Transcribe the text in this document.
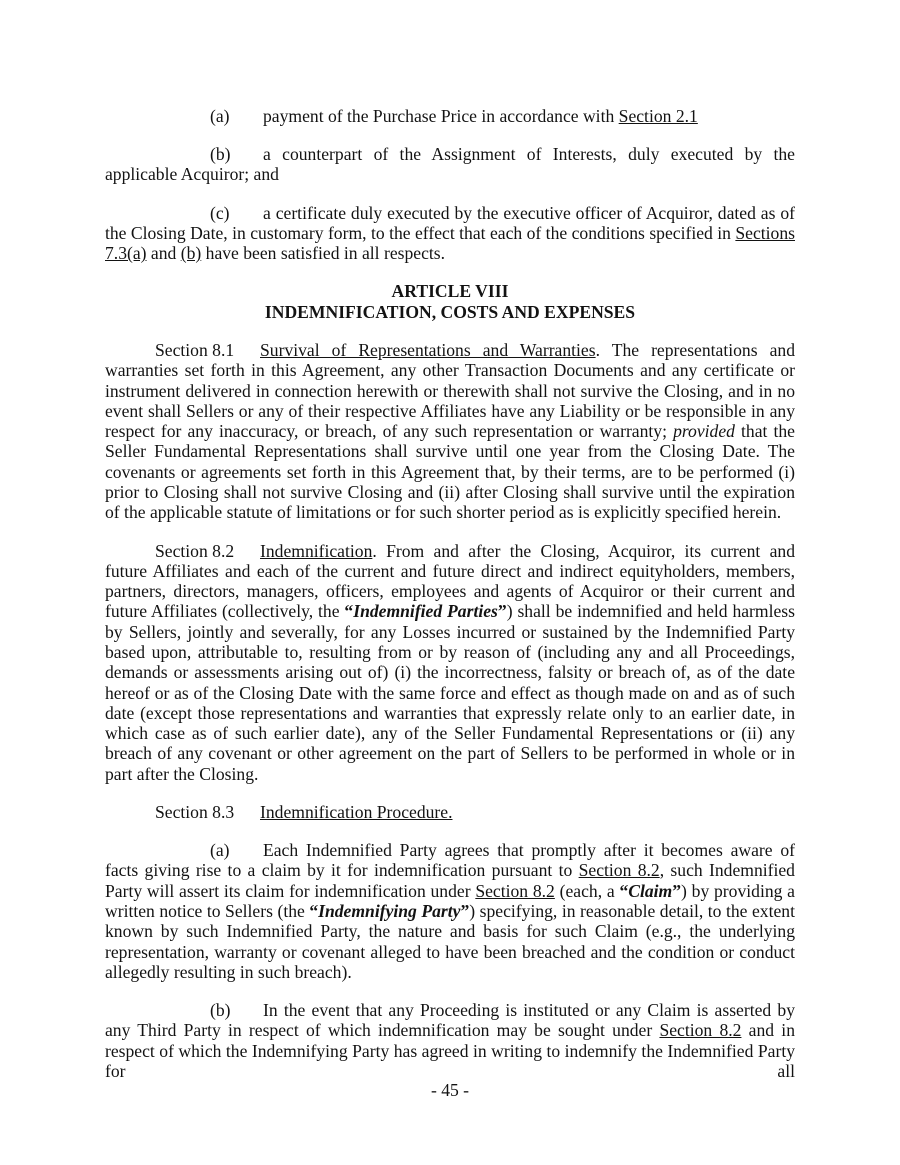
(a) payment of the Purchase Price in accordance with Section 2.1

(b) a counterpart of the Assignment of Interests, duly executed by the applicable Acquiror; and

(c) a certificate duly executed by the executive officer of Acquiror, dated as of the Closing Date, in customary form, to the effect that each of the conditions specified in Sections 7.3(a) and (b) have been satisfied in all respects.

ARTICLE VIII
INDEMNIFICATION, COSTS AND EXPENSES

Section 8.1 Survival of Representations and Warranties. The representations and warranties set forth in this Agreement, any other Transaction Documents and any certificate or instrument delivered in connection herewith or therewith shall not survive the Closing, and in no event shall Sellers or any of their respective Affiliates have any Liability or be responsible in any respect for any inaccuracy, or breach, of any such representation or warranty; provided that the Seller Fundamental Representations shall survive until one year from the Closing Date. The covenants or agreements set forth in this Agreement that, by their terms, are to be performed (i) prior to Closing shall not survive Closing and (ii) after Closing shall survive until the expiration of the applicable statute of limitations or for such shorter period as is explicitly specified herein.

Section 8.2 Indemnification. From and after the Closing, Acquiror, its current and future Affiliates and each of the current and future direct and indirect equityholders, members, partners, directors, managers, officers, employees and agents of Acquiror or their current and future Affiliates (collectively, the “Indemnified Parties”) shall be indemnified and held harmless by Sellers, jointly and severally, for any Losses incurred or sustained by the Indemnified Party based upon, attributable to, resulting from or by reason of (including any and all Proceedings, demands or assessments arising out of) (i) the incorrectness, falsity or breach of, as of the date hereof or as of the Closing Date with the same force and effect as though made on and as of such date (except those representations and warranties that expressly relate only to an earlier date, in which case as of such earlier date), any of the Seller Fundamental Representations or (ii) any breach of any covenant or other agreement on the part of Sellers to be performed in whole or in part after the Closing.

Section 8.3 Indemnification Procedure.

(a) Each Indemnified Party agrees that promptly after it becomes aware of facts giving rise to a claim by it for indemnification pursuant to Section 8.2, such Indemnified Party will assert its claim for indemnification under Section 8.2 (each, a “Claim”) by providing a written notice to Sellers (the “Indemnifying Party”) specifying, in reasonable detail, to the extent known by such Indemnified Party, the nature and basis for such Claim (e.g., the underlying representation, warranty or covenant alleged to have been breached and the condition or conduct allegedly resulting in such breach).

(b) In the event that any Proceeding is instituted or any Claim is asserted by any Third Party in respect of which indemnification may be sought under Section 8.2 and in respect of which the Indemnifying Party has agreed in writing to indemnify the Indemnified Party for all

- 45 -
